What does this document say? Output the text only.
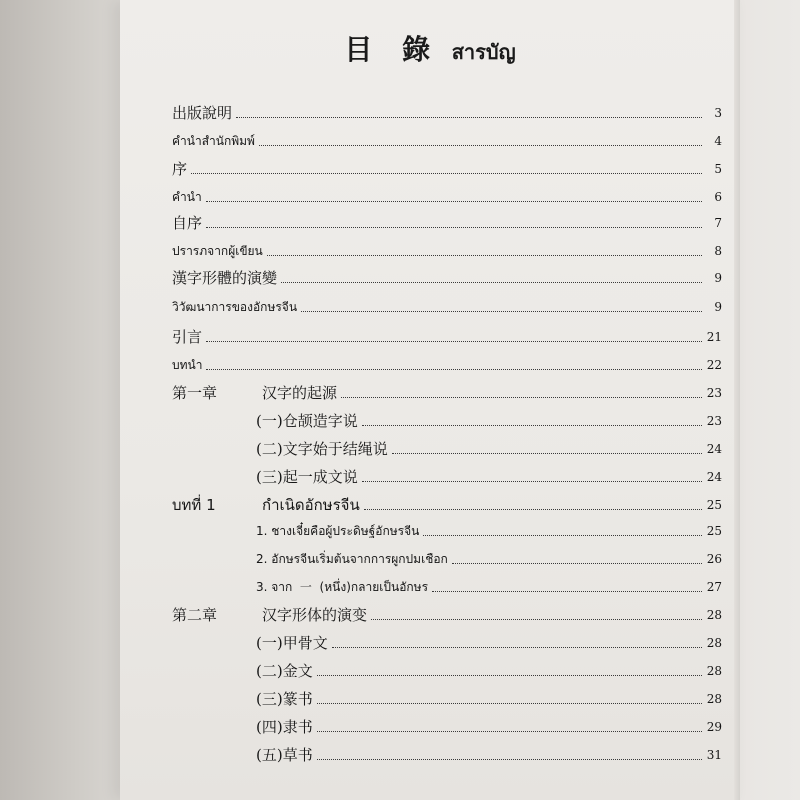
目 錄 สารบัญ
出版說明	3
คำนำสำนักพิมพ์	4
序	5
คำนำ	6
自序	7
ปรารภจากผู้เขียน	8
漢字形體的演變	9
วิวัฒนาการของอักษรจีน	9
引言	21
บทนำ	22
第一章	汉字的起源	23
(一)仓颉造字说	23
(二)文字始于结绳说	24
(三)起一成文说	24
บทที่ 1	กำเนิดอักษรจีน	25
1. ชางเจี๋ยคือผู้ประดิษฐ์อักษรจีน	25
2. อักษรจีนเริ่มต้นจากการผูกปมเชือก	26
3. จาก  一  (หนึ่ง)กลายเป็นอักษร	27
第二章	汉字形体的演变	28
(一)甲骨文	28
(二)金文	28
(三)篆书	28
(四)隶书	29
(五)草书	31
